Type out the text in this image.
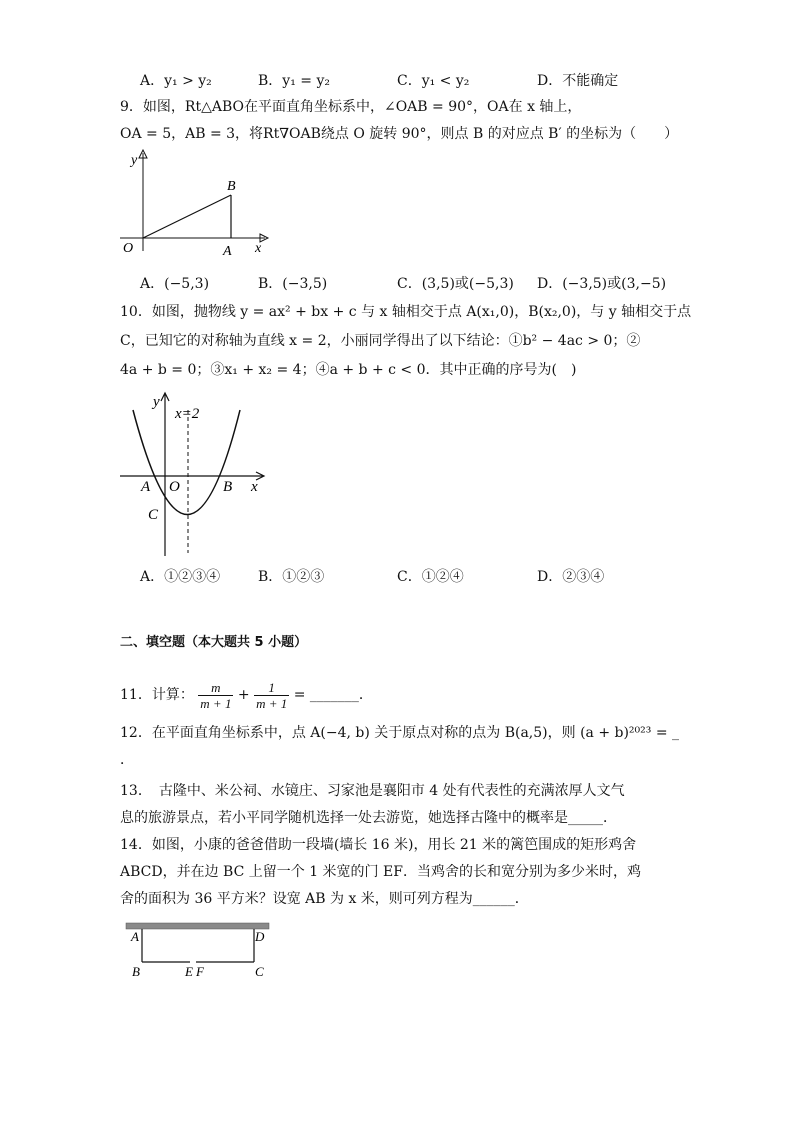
A．y₁ > y₂	B．y₁ = y₂	C．y₁ < y₂	D．不能确定
9．如图，Rt△ABO在平面直角坐标系中，∠OAB = 90°，OA在 x 轴上，
OA = 5，AB = 3，将Rt∇OAB绕点 O 旋转 90°，则点 B 的对应点 B′ 的坐标为（　　）
y
x
O	A
B
A．(−5,3)	B．(−3,5)	C．(3,5)或(−5,3) D．(−3,5)或(3,−5)
10．如图，抛物线 y = ax² + bx + c 与 x 轴相交于点 A(x₁,0)，B(x₂,0)，与 y 轴相交于点
C，已知它的对称轴为直线 x = 2，小丽同学得出了以下结论：①b² − 4ac > 0；②
4a + b = 0；③x₁ + x₂ = 4；④a + b + c < 0．其中正确的序号为(　)
y
x=2
A O	B x
C
A．①②③④	B．①②③	C．①②④	D．②③④
二、填空题（本大题共 5 小题）
11．计算： $\frac{m}{m + 1} + \frac{1}{m + 1}$ = _______．
12．在平面直角坐标系中，点 A(−4, b) 关于原点对称的点为 B(a,5)，则 (a + b)²⁰²³ = _
．
13．　古隆中、米公祠、水镜庄、习家池是襄阳市 4 处有代表性的充满浓厚人文气
息的旅游景点，若小平同学随机选择一处去游览，她选择古隆中的概率是_____．
14．如图，小康的爸爸借助一段墙(墙长 16 米)，用长 21 米的篱笆围成的矩形鸡舍
ABCD，并在边 BC 上留一个 1 米宽的门 EF．当鸡舍的长和宽分别为多少米时，鸡
舍的面积为 36 平方米？设宽 AB 为 x 米，则可列方程为______．
A	D
B	E F	C
